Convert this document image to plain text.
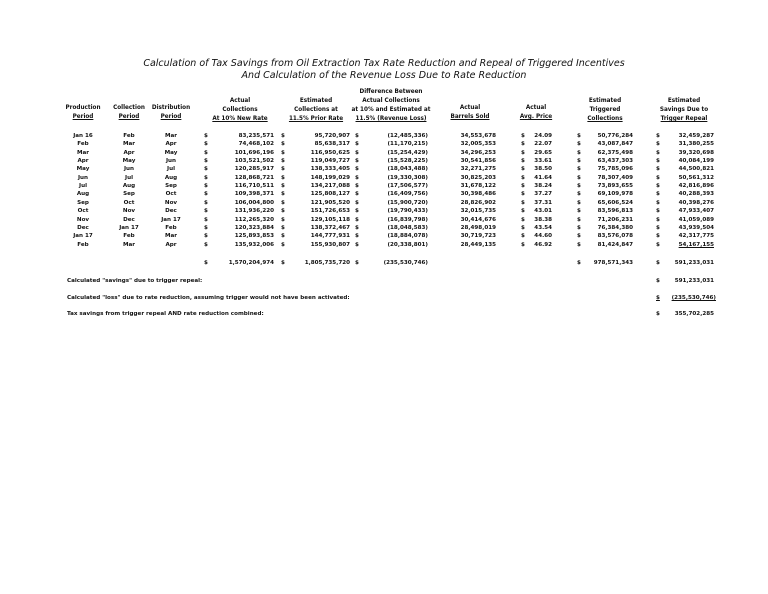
Calculation of Tax Savings from Oil Extraction Tax Rate Reduction and Repeal of Triggered Incentives
And Calculation of the Revenue Loss Due to Rate Reduction
Production
Period
Collection
Period
Distribution
Period
Actual
Collections
At 10% New Rate
Estimated
Collections at
11.5% Prior Rate
Difference Between
Actual Collections
at 10% and Estimated at
11.5% (Revenue Loss)
Actual
Barrels Sold
Actual
Avg. Price
Estimated
Triggered
Collections
Estimated
Savings Due to
Trigger Repeal
Jan 16	Feb	Mar	$	83,235,571 $	95,720,907 $	(12,485,336)	34,553,678	$	24.09	$	50,776,284	$	32,459,287
Feb	Mar	Apr	$	74,468,102 $	85,638,317 $	(11,170,215)	32,005,353	$	22.07	$	43,087,847	$	31,380,255
Mar	Apr	May	$	101,696,196 $	116,950,625 $	(15,254,429)	34,296,253	$	29.65	$	62,375,498	$	39,320,698
Apr	May	Jun	$	103,521,502 $	119,049,727 $	(15,528,225)	30,541,856	$	33.61	$	63,437,303	$	40,084,199
May	Jun	Jul	$	120,285,917 $	138,333,405 $	(18,043,488)	32,271,275	$	38.50	$	75,785,096	$	44,500,821
Jun	Jul	Aug	$	128,868,721 $	148,199,029 $	(19,330,308)	30,825,203	$	41.64	$	78,307,409	$	50,561,312
Jul	Aug	Sep	$	116,710,511 $	134,217,088 $	(17,506,577)	31,678,122	$	38.24	$	73,893,655	$	42,816,896
Aug	Sep	Oct	$	109,398,371 $	125,808,127 $	(16,409,756)	30,398,486	$	37.27	$	69,109,978	$	40,288,393
Sep	Oct	Nov	$	106,004,800 $	121,905,520 $	(15,900,720)	28,826,902	$	37.31	$	65,606,524	$	40,398,276
Oct	Nov	Dec	$	131,936,220 $	151,726,653 $	(19,790,433)	32,015,735	$	43.01	$	83,596,813	$	47,933,407
Nov	Dec	Jan 17	$	112,265,320 $	129,105,118 $	(16,839,798)	30,414,676	$	38.38	$	71,206,231	$	41,059,089
Dec	Jan 17	Feb	$	120,323,884 $	138,372,467 $	(18,048,583)	28,498,019	$	43.54	$	76,384,380	$	43,939,504
Jan 17	Feb	Mar	$	125,893,853 $	144,777,931 $	(18,884,078)	30,719,723	$	44.60	$	83,576,078	$	42,317,775
Feb	Mar	Apr	$	135,932,006 $	155,930,807 $	(20,338,801)	28,449,135	$	46.92	$	81,424,847	$	54,167,155
$	1,570,204,974 $	1,805,735,720 $	(235,530,746)	$	978,571,343	$	591,233,031
Calculated "savings" due to trigger repeal:	$	591,233,031
Calculated "loss" due to rate reduction, assuming trigger would not have been activated:	$	(235,530,746)
Tax savings from trigger repeal AND rate reduction combined:	$	355,702,285
